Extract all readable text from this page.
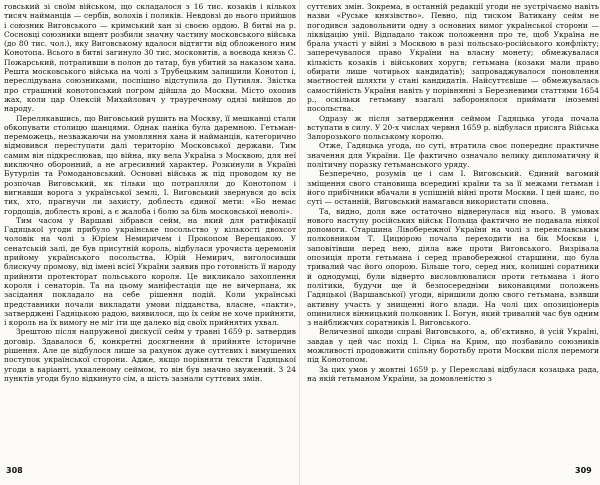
говський зі своїм військом, що складалося з 16 тис. козаків і кількох тисяч найманців — сербів, волохів і поляків. Невдовзі до нього прийшов і союзник Виговського — кримський хан зі своєю ордою. В битві на р. Сосновці союзники вщент розбили значну частину московського війська (до 80 тис. чол.), яку Виговському вдалося відтягти від обложеного ним Конотопа. Всього в битві загинуло 30 тис. московитів, а воєвода князь С. Пожарський, потрапивши в полон до татар, був убитий за наказом хана. Решта московського війська на чолі з Трубецьким залишили Конотоп і, переслідувана союзниками, поспішно відступила до Путивля. Звістка про страшний конотопський погром дійшла до Москви. Місто охопив жах, коли цар Олексій Михайлович у трауречному одязі вийшов до народу.

Перелякавшись, що Виговський рушить на Москву, її мешканці стали обкопувати столицю шанцями. Однак паніка була даремною. Гетьман-переможець, незважаючи на умовляння хана й найманців, категорично відмовився переступати далі територію Московської держави. Тим самим він підкреслював, що війна, яку вела Україна з Москвою, для неї виключно оборонний, а не агресивний характер. Розкинули в Україні Бутурлін та Ромодановський. Основні війська ж під проводом ку не розпочав Виговський, як тільки що потрапляли до Конотопом і вигнавши ворога з української землі, І. Виговський звернувся до всіх тих, хто, прагнучи ли захисту, доблесть єдиної мети: «Бо немає гордощів, доблесть крові, а є жалоба і болю за біль московської неволі».

Тим часом у Варшаві зібрався сейм, на який для ратифікації Гадяцької угоди прибуло українське посольство у кількості двохсот чоловік на чолі з Юрієм Немиричем і Прокопом Верещакою. У сенатській залі, де був присутній король, відбулася урочиста церемонія прийому українського посольства. Юрій Немирич, виголосивши блискучу промову, від імені всієї України заявив про готовність її народу прийняти протекторат польського короля. Це викликало захоплення короля і сенаторів. Та на цьому маніфестація ще не вичерпана, як засідання покладало на себе рішення подій. Коли українські представники почали викладати умови підданства, власне, «пакти», затверджені Гадяцькою радою, виявилося, що їх сейм не хоче прийняти, і король на їх вимогу не міг іти ще далеко від своїх прийнятих ухвал.

Зрештою після напруженої дискусії сейм у травні 1659 р. затвердив договір. Здавалося б, конкретні досягнення й прийняте історичне рішення. Але це відбулося лише за рахунок дуже суттєвих і вимушених поступок української сторони. Адже, якщо порівняти тексти Гадяцької угоди в варіанті, ухваленому сеймом, то він був значно звужений. З 24 пунктів угоди було відкинуто сім, а шість зазнали суттєвих змін.

суттєвих змін. Зокрема, в останній редакції угоди не зустрічаємо навіть назви «Руське князівство». Певно, під тиском Ватикану сейм не погодився задовольнити одну з основних вимог української сторони — ліквідацію унії. Відпадало також положення про те, щоб Україна не брала участі у війні з Москвою в разі польсько-російського конфлікту; заперечувалося право України на власну монету; обмежувалася кількість козаків і військових хоругв; гетьмана (козаки мали право обирати лише чотирьох кандидатів); запроваджувалося поновлення маєтностей шляхти у стані кандидатів. Найсуттєвіше — обмежувалась самостійність України навіть у порівнянні з Березневими статтями 1654 р., оскільки гетьману взагалі заборонялося приймати іноземні посольства.

Одразу ж після затвердження сеймом Гадяцька угода почала вступати в силу. У 20-х числах червня 1659 р. відбулася присяга Війська Запорозького польському королю.

Отже, Гадяцька угода, по суті, втратила своє попереднє практичне значення для України. Це фактично означало велику дипломатичну й політичну поразку гетьманського уряду.

Безперечно, розумів це і сам І. Виговський. Єдиний вагомий зміщення свого становища всередині країни та за її межами гетьман і його прибічники вбачали в успішній війні проти Москви. І цей шанс, по суті — останній, Виговський намагався використати сповна.

Та, видно, доля вже остаточно відвернулася від нього. В умовах нового наступу російських військ Польща фактично не подавала ніякої допомоги. Старшина Лівобережної України на чолі з переяславським полковником Т. Цицюрою почала переходити на бік Москви і, заповітівши перед нею, діяла вже проти Виговського. Визрівала опозиція проти гетьмана і серед правобережної старшини, що була тривалий час його опорою. Більше того, серед них, колишні соратники й однодумці, були відверто висловлювалися проти гетьмана і його політики, будучи ще й безпосередніми виконавцями положень Гадяцької (Варшавської) угоди, віришили долю свого гетьмана, взявши активну участь у знищенні його влади. На чолі цих опозиціонерів опинилися вінницький полковник І. Богун, який тривалий час був одним з найближчих соратників І. Виговського.

Величезної шкоди справі Виговського, а, об'єктивно, й усій Україні, завдав у цей час похід І. Сірка на Крим, що позбавило союзників можливості продовжити спільну боротьбу проти Москви після перемоги під Конотопом.

За цих умов у жовтні 1659 р. у Переяславі відбулася козацька рада, на якій гетьманом України, за домовленістю з

308	309
